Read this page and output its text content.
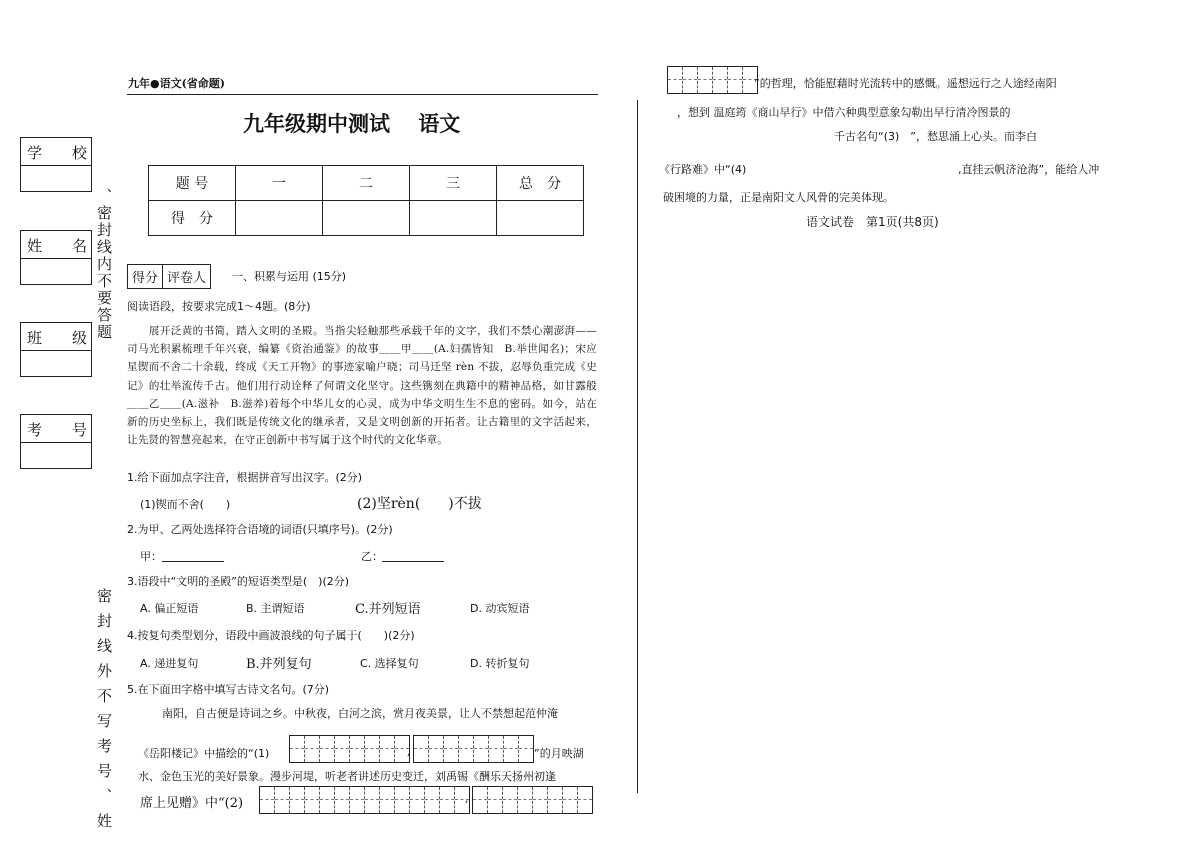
学　　校
姓　　名
班　　级
考　　号
、密封线内不要答题
密封线外不写考号、姓
九年●语文(省命题)
九年级期中测试　 语文
题 号	一	二	三	总　分
得　分				
得分	评卷人 一、积累与运用 (15分)
阅读语段，按要求完成1～4题。(8分)
　　展开泛黄的书简，踏入文明的圣殿。当指尖轻触那些承载千年的文字，我们不禁心潮澎湃——司马光积累梳理千年兴衰，编纂《资治通鉴》的故事＿＿甲＿＿(A.妇孺皆知　B.举世闻名)；宋应星锲而不舍二十余载，终成《天工开物》的事迹家喻户晓；司马迁坚 rèn 不拔，忍辱负重完成《史记》的壮举流传千古。他们用行动诠释了何谓文化坚守。这些镌刻在典籍中的精神品格，如甘露般＿＿乙＿＿(A.滋补　B.滋养)着每个中华儿女的心灵，成为中华文明生生不息的密码。如今，站在新的历史坐标上，我们既是传统文化的继承者，又是文明创新的开拓者。让古籍里的文字活起来，让先贤的智慧亮起来，在守正创新中书写属于这个时代的文化华章。
1.给下面加点字注音，根据拼音写出汉字。(2分)
(1)锲而不舍(　　)	(2)坚rèn(　　)不拔
2.为甲、乙两处选择符合语境的词语(只填序号)。(2分)
甲：	乙：
3.语段中“文明的圣殿”的短语类型是(　)(2分)
A. 偏正短语	B. 主谓短语	C.并列短语	D. 动宾短语
4.按复句类型划分，语段中画波浪线的句子属于(　　)(2分)
A. 递进复句	B.并列复句	C. 选择复句	D. 转折复句
5.在下面田字格中填写古诗文名句。(7分)
　　南阳，自古便是诗词之乡。中秋夜，白河之滨，赏月夜美景，让人不禁想起范仲淹
《岳阳楼记》中描绘的“(1)	,	”的月映湖
水、金色玉光的美好景象。漫步河堤，听老者讲述历史变迁，刘禹锡《酬乐天扬州初逢
席上见赠》中“(2)	,
”的哲理，恰能慰藉时光流转中的感慨。遥想远行之人途经南阳
，想到 温庭筠《商山早行》中借六种典型意象勾勒出早行清冷图景的
千古名句“(3)　”，愁思涌上心头。而李白
《行路难》中“(4)	,直挂云帆济沧海”，能给人冲
破困境的力量，正是南阳文人风骨的完美体现。
语文试卷　第1页(共8页)
